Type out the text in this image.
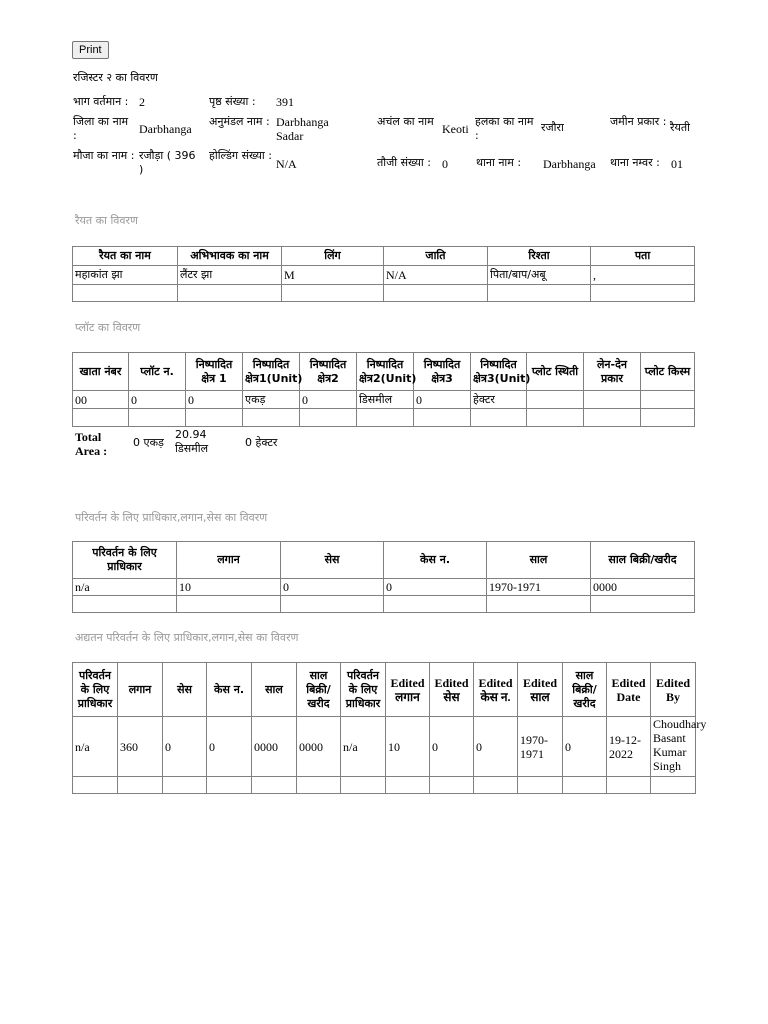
Print
रजिस्टर २ का विवरण
भाग वर्तमान : 2	पृष्ठ संख्या : 391
जिला का नाम :	Darbhanga
अनुमंडल नाम : Darbhanga Sadar
अचंल का नाम
Keoti
हलका का नाम :
रजौरा	जमीन प्रकार : रैयती
मौजा का नाम : रजौड़ा ( 396 )
होल्डिंग संख्या :
N/A	तौजी संख्या : 0	थाना नाम : Darbhanga थाना नम्वर : 01
रैयत का विवरण
रैयत का नाम	अभिभावक का नाम	लिंग	जाति	रिश्ता	पता
महाकांत झा	लैंटर झा	M	N/A	पिता/बाप/अबू	,

प्लॉट का विवरण
खाता नंबर	प्लॉट न.	निष्पादित क्षेत्र 1	निष्पादित क्षेत्र1(Unit)	निष्पादित क्षेत्र2	निष्पादित क्षेत्र2(Unit)	निष्पादित क्षेत्र3	निष्पादित क्षेत्र3(Unit)	प्लोट स्थिती	लेन-देन प्रकार	प्लोट किस्म
00	0	0	एकड़	0	डिसमील	0	हेक्टर			

Total Area :
0 एकड़
20.94 डिसमील	0 हेक्टर
परिवर्तन के लिए प्राधिकार,लगान,सेस का विवरण
परिवर्तन के लिए प्राधिकार	लगान	सेस	केस न.	साल	साल बिक्री/खरीद
n/a	10	0	0	1970-1971	0000

अद्यतन परिवर्तन के लिए प्राधिकार,लगान,सेस का विवरण
परिवर्तन के लिए प्राधिकार	लगान	सेस	केस न.	साल	साल बिक्री/ खरीद	परिवर्तन के लिए प्राधिकार	Edited लगान	Edited सेस	Edited केस न.	Edited साल	साल बिक्री/ खरीद	Edited Date	Edited By
n/a	360	0	0	0000	0000	n/a	10	0	0	1970-1971	0	19-12-2022	Choudhary Basant Kumar Singh
